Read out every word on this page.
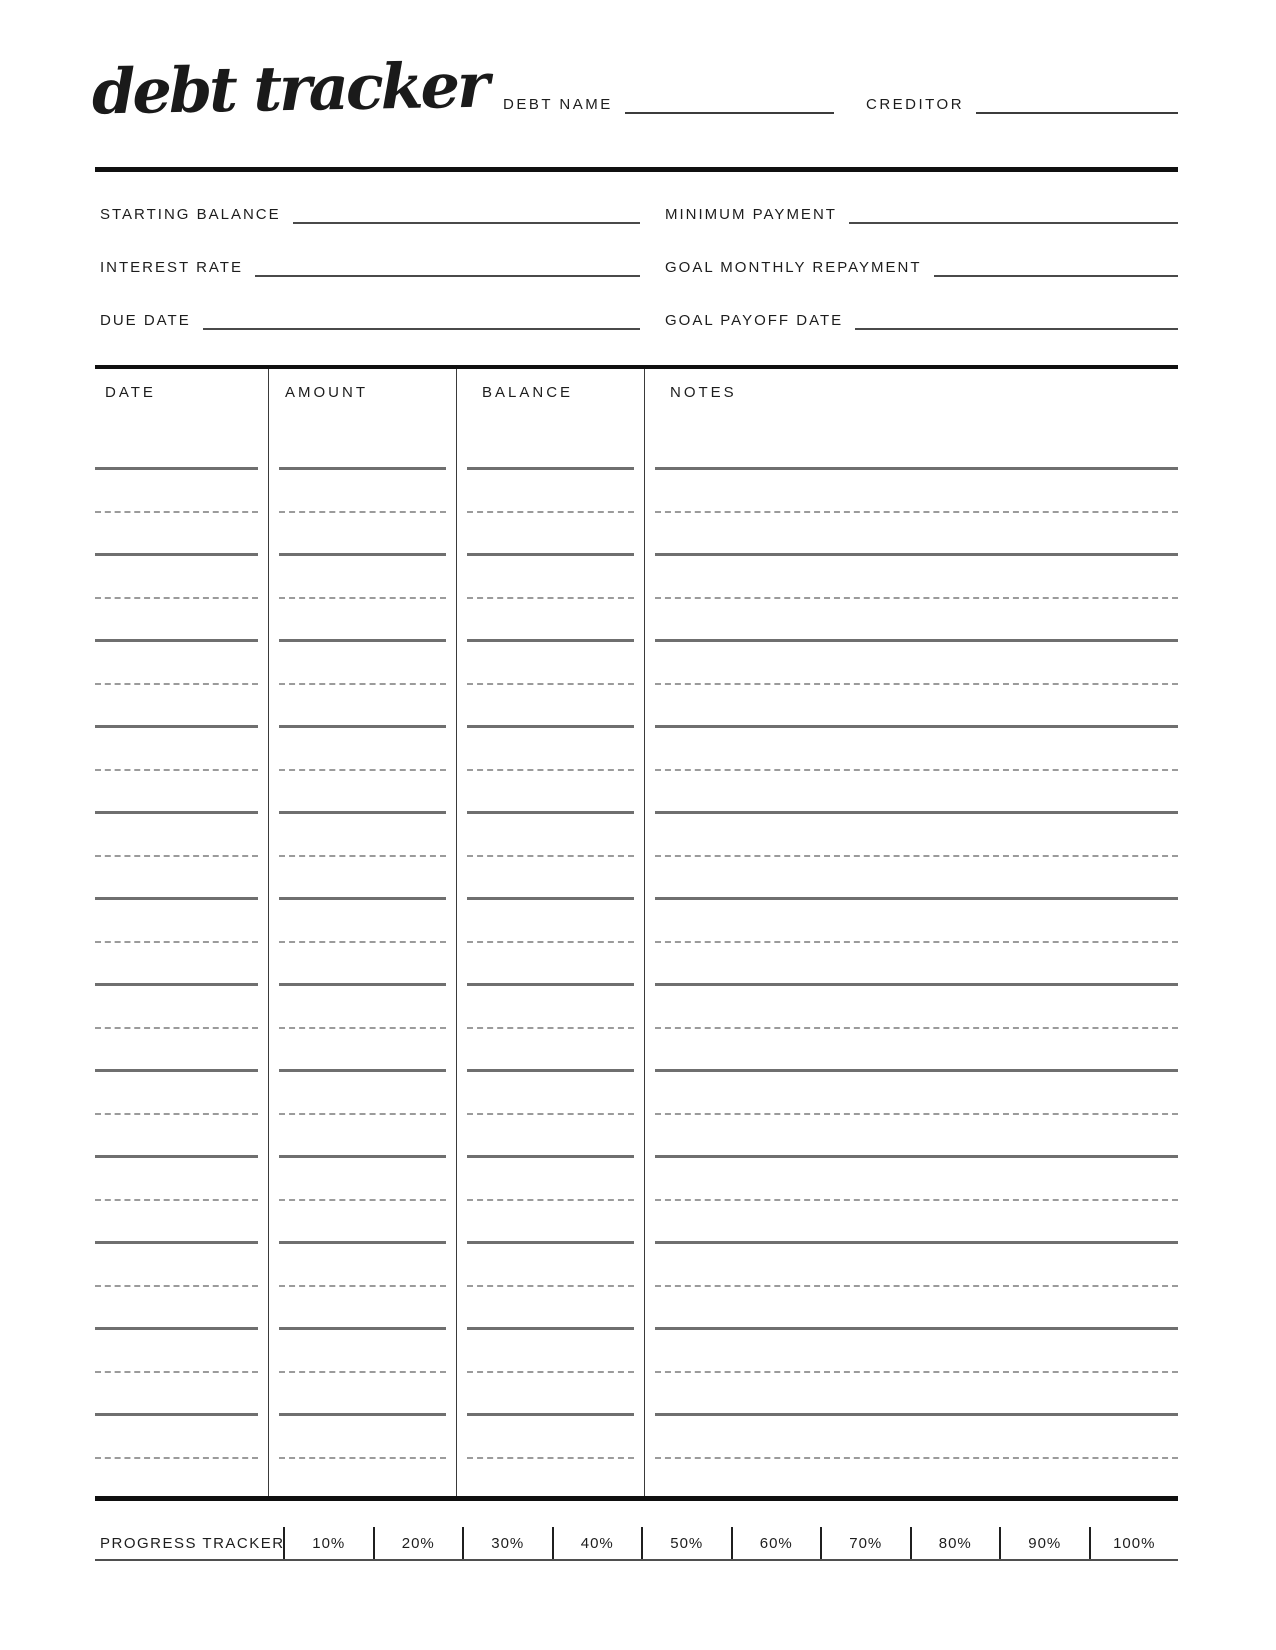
debt tracker DEBT NAME	CREDITOR
STARTING BALANCE
INTEREST RATE
DUE DATE
MINIMUM PAYMENT
GOAL MONTHLY REPAYMENT
GOAL PAYOFF DATE
DATE	AMOUNT	BALANCE	NOTES
PROGRESS TRACKER	10%	20%	30%	40%	50%	60%	70%	80%	90%	100%
